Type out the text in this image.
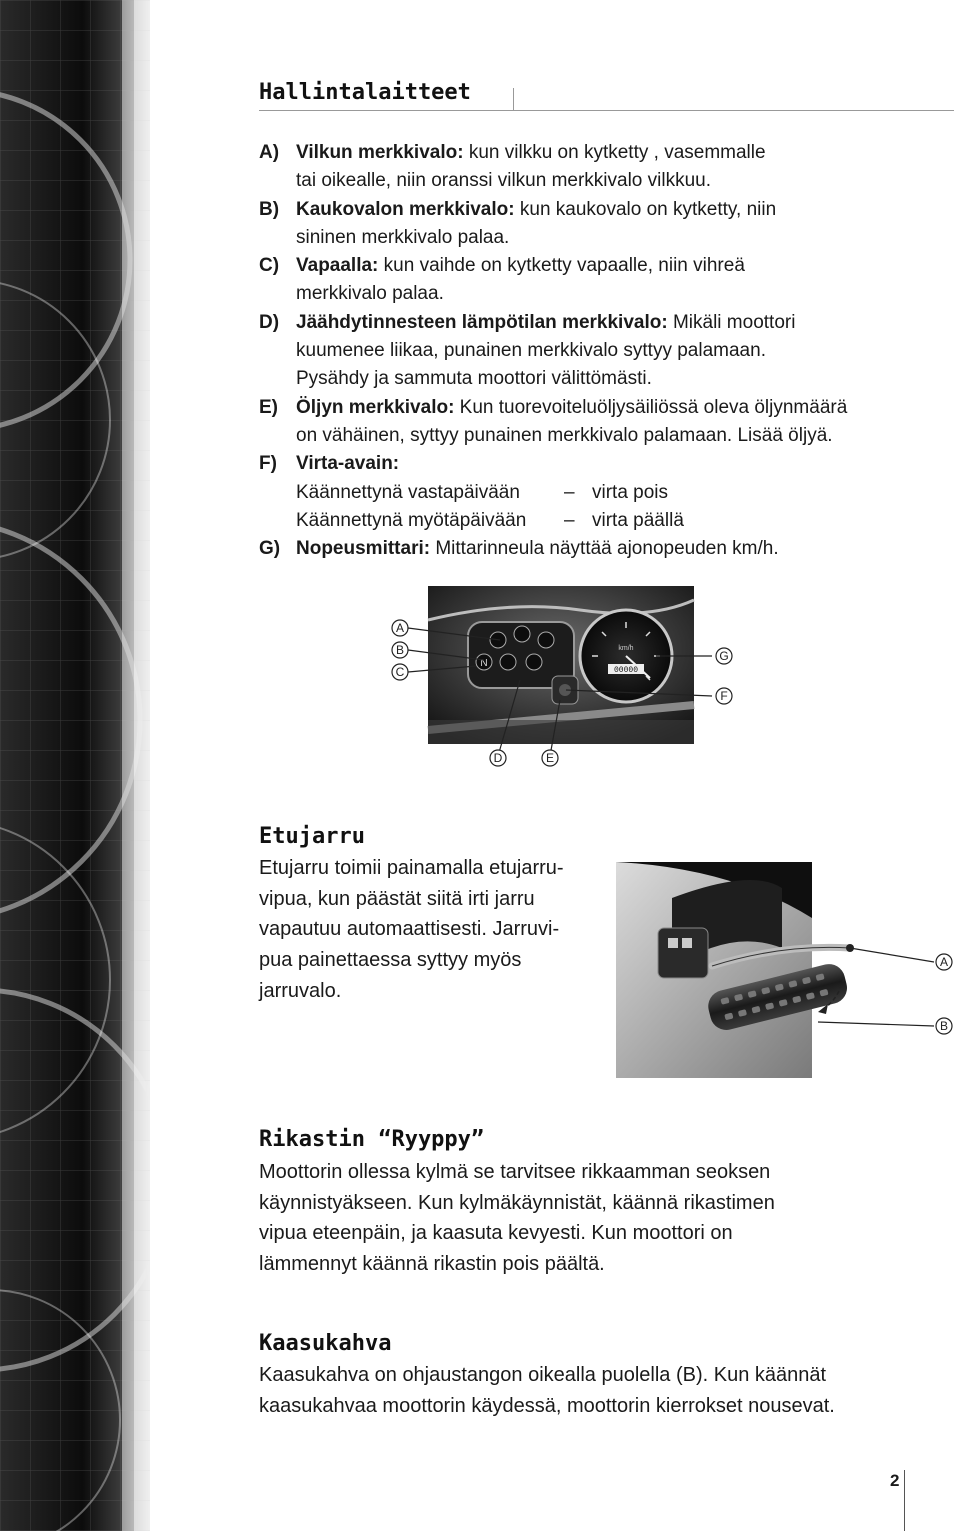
Hallintalaitteet
A) Vilkun merkkivalo: kun vilkku on kytketty , vasemmalle
tai oikealle, niin oranssi vilkun merkkivalo vilkkuu.
B) Kaukovalon merkkivalo: kun kaukovalo on kytketty, niin
sininen merkkivalo palaa.
C) Vapaalla: kun vaihde on kytketty vapaalle, niin vihreä
merkkivalo palaa.
D) Jäähdytinnesteen lämpötilan merkkivalo: Mikäli moottori
kuumenee liikaa, punainen merkkivalo syttyy palamaan.
Pysähdy ja sammuta moottori välittömästi.
E) Öljyn merkkivalo: Kun tuorevoiteluöljysäiliössä oleva öljynmäärä
on vähäinen, syttyy punainen merkkivalo palamaan. Lisää öljyä.
F) Virta-avain:
Käännettynä vastapäivään – virta pois
Käännettynä myötäpäivään – virta päällä
G) Nopeusmittari: Mittarinneula näyttää ajonopeuden km/h.
N
km/h
00000
A
B
C
D	E
F
G
Etujarru

Etujarru toimii painamalla etujarru-
vipua, kun päästät siitä irti jarru
vapautuu automaattisesti. Jarruvi-
pua painettaessa syttyy myös
jarruvalo.

A
B
Rikastin “Ryyppy”

Moottorin ollessa kylmä se tarvitsee rikkaamman seoksen
käynnistyäkseen. Kun kylmäkäynnistät, käännä rikastimen
vipua eteenpäin, ja kaasuta kevyesti. Kun moottori on
lämmennyt käännä rikastin pois päältä.

Kaasukahva

Kaasukahva on ohjaustangon oikealla puolella (B). Kun käännät
kaasukahvaa moottorin käydessä, moottorin kierrokset nousevat.

2
